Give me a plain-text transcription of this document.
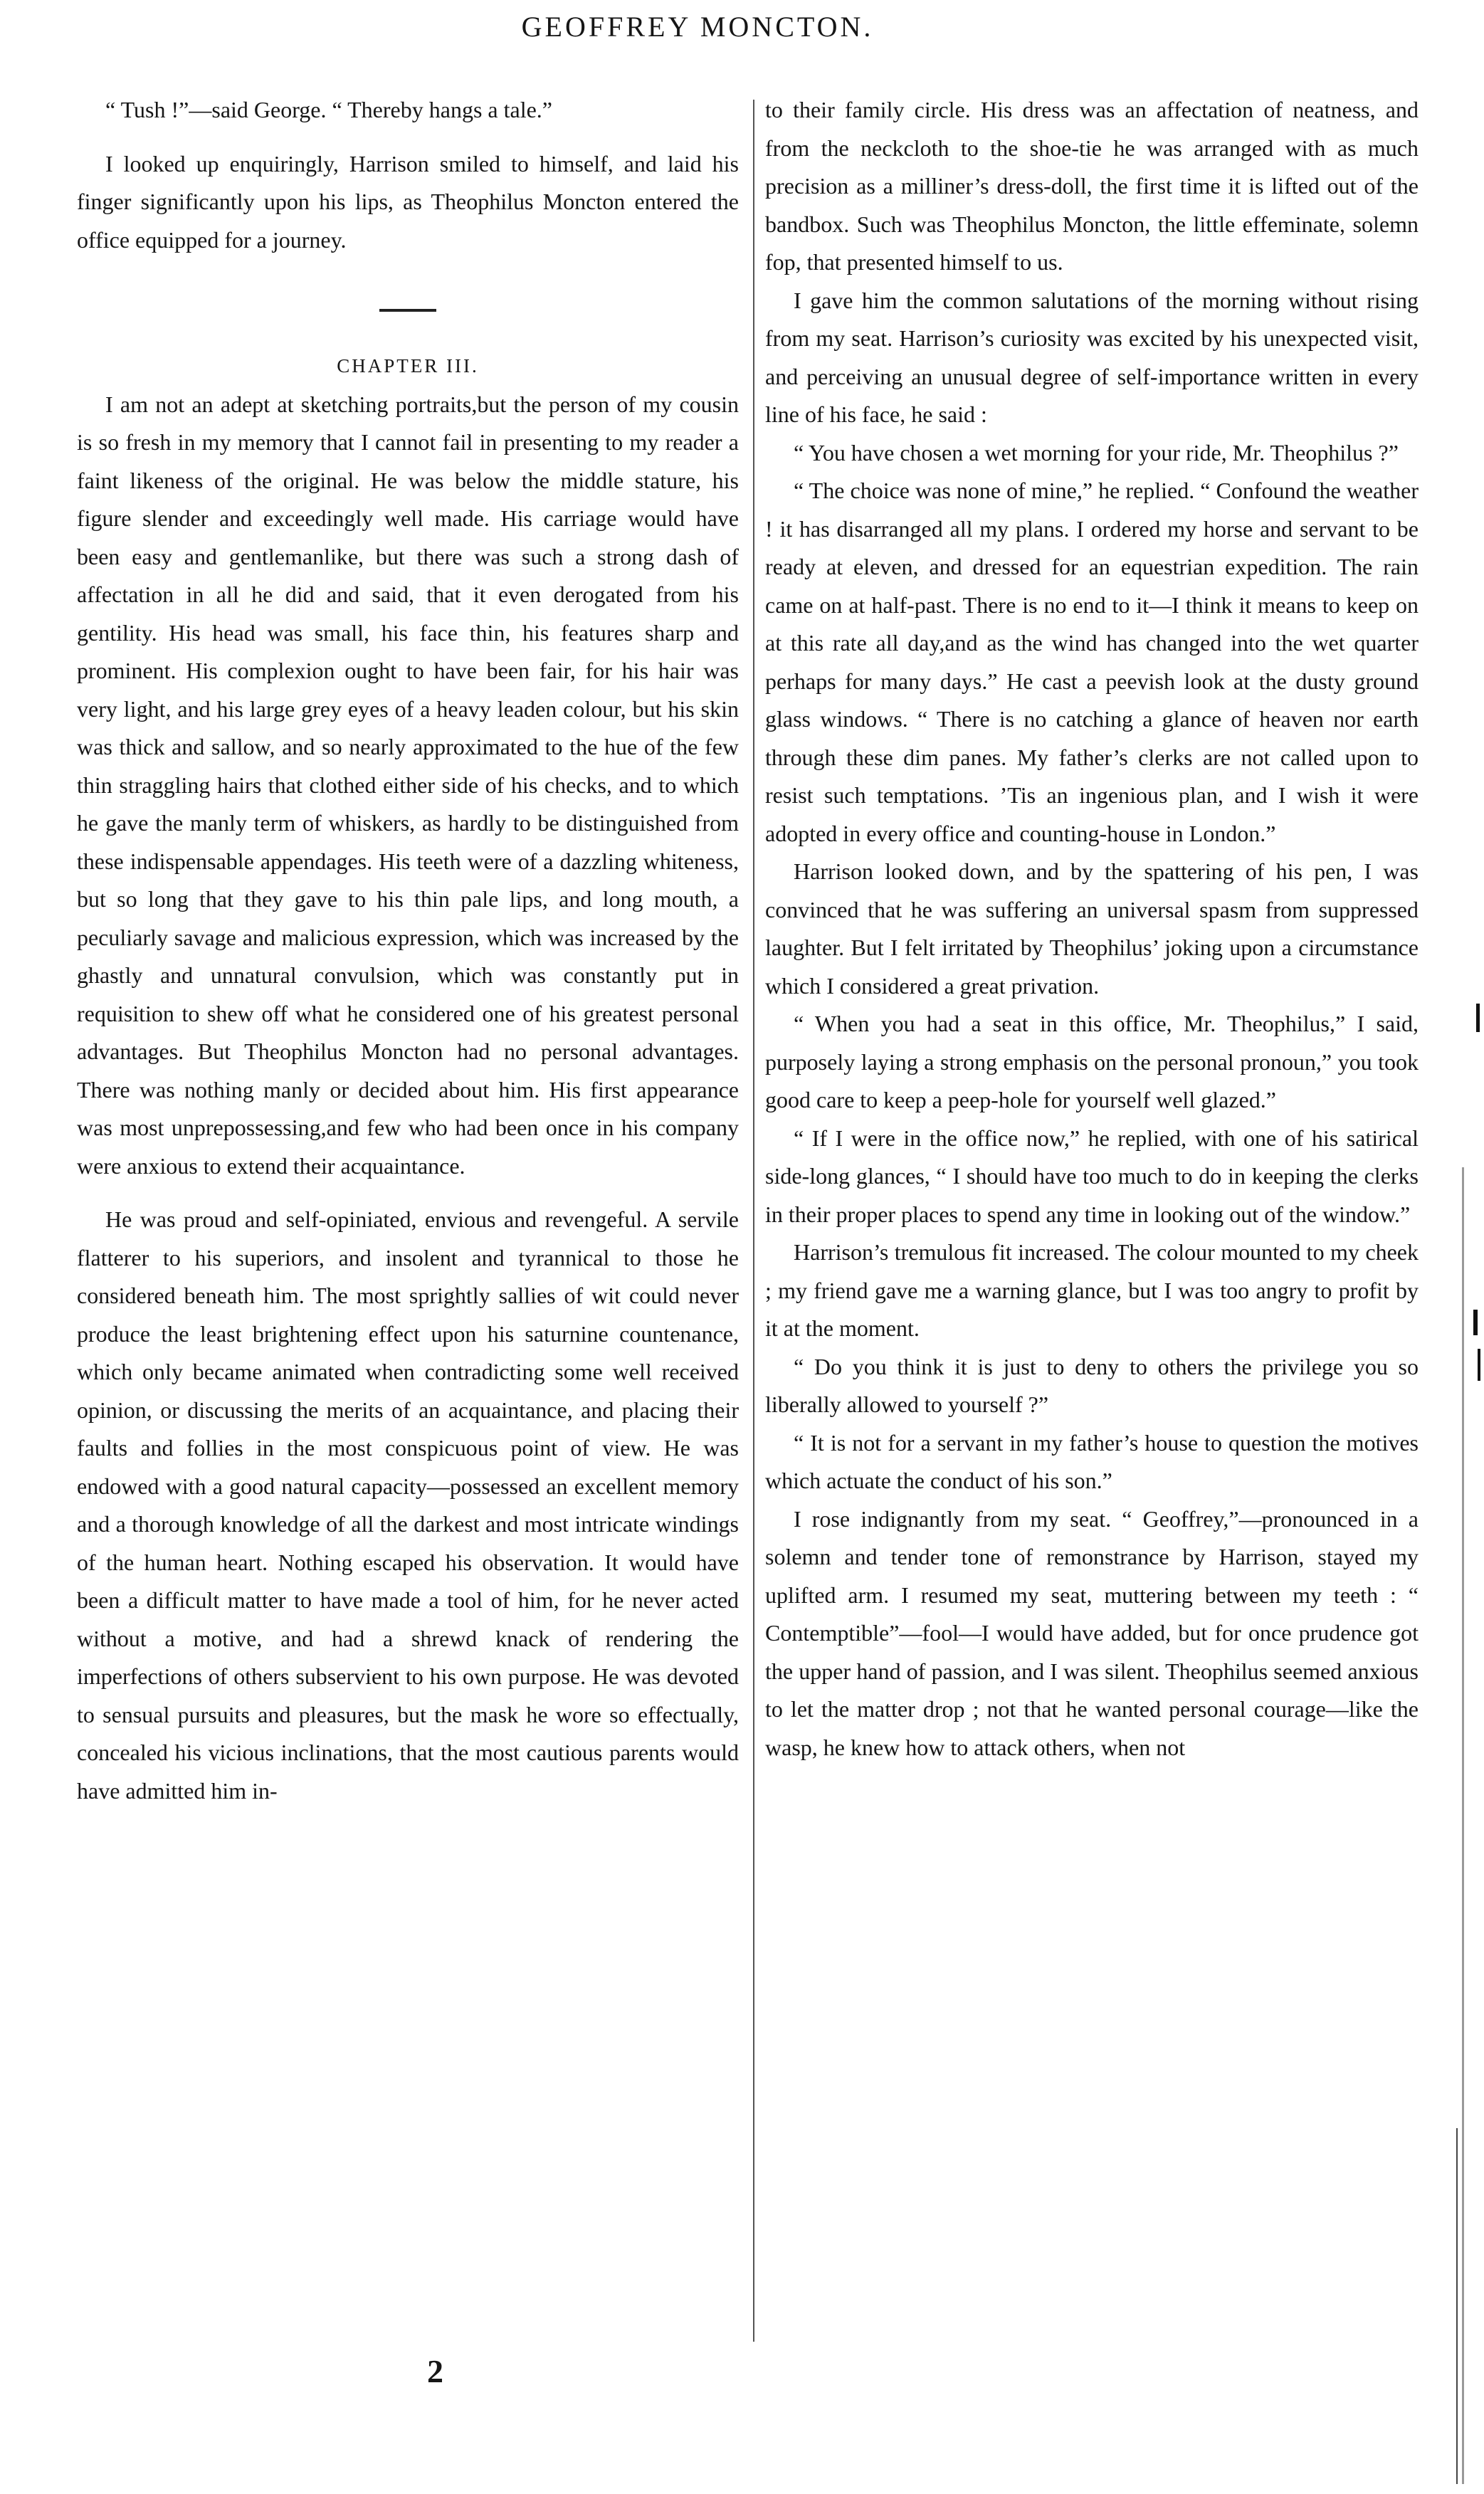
GEOFFREY MONCTON.

“ Tush !”—said George. “ Thereby hangs a tale.”

I looked up enquiringly, Harrison smiled to himself, and laid his finger significantly upon his lips, as Theophilus Moncton entered the office equipped for a journey.

CHAPTER III.

I am not an adept at sketching portraits,but the person of my cousin is so fresh in my memory that I cannot fail in presenting to my reader a faint likeness of the original. He was below the middle stature, his figure slender and exceedingly well made. His carriage would have been easy and gentlemanlike, but there was such a strong dash of affectation in all he did and said, that it even derogated from his gentility. His head was small, his face thin, his features sharp and prominent. His complexion ought to have been fair, for his hair was very light, and his large grey eyes of a heavy leaden colour, but his skin was thick and sallow, and so nearly approximated to the hue of the few thin straggling hairs that clothed either side of his checks, and to which he gave the manly term of whiskers, as hardly to be distinguished from these indispensable appendages. His teeth were of a dazzling whiteness, but so long that they gave to his thin pale lips, and long mouth, a peculiarly savage and malicious expression, which was increased by the ghastly and unnatural convulsion, which was constantly put in requisition to shew off what he considered one of his greatest personal advantages. But Theophilus Moncton had no personal advantages. There was nothing manly or decided about him. His first appearance was most unprepossessing,and few who had been once in his company were anxious to extend their acquaintance.

He was proud and self-opiniated, envious and revengeful. A servile flatterer to his superiors, and insolent and tyrannical to those he considered beneath him. The most sprightly sallies of wit could never produce the least brightening effect upon his saturnine countenance, which only became animated when contradicting some well received opinion, or discussing the merits of an acquaintance, and placing their faults and follies in the most conspicuous point of view. He was endowed with a good natural capacity—possessed an excellent memory and a thorough knowledge of all the darkest and most intricate windings of the human heart. Nothing escaped his observation. It would have been a difficult matter to have made a tool of him, for he never acted without a motive, and had a shrewd knack of rendering the imperfections of others subservient to his own purpose. He was devoted to sensual pursuits and pleasures, but the mask he wore so effectually, concealed his vicious inclinations, that the most cautious parents would have admitted him in-

to their family circle. His dress was an affectation of neatness, and from the neckcloth to the shoe-tie he was arranged with as much precision as a milliner’s dress-doll, the first time it is lifted out of the bandbox. Such was Theophilus Moncton, the little effeminate, solemn fop, that presented himself to us.

I gave him the common salutations of the morning without rising from my seat. Harrison’s curiosity was excited by his unexpected visit, and perceiving an unusual degree of self-importance written in every line of his face, he said :

“ You have chosen a wet morning for your ride, Mr. Theophilus ?”

“ The choice was none of mine,” he replied. “ Confound the weather ! it has disarranged all my plans. I ordered my horse and servant to be ready at eleven, and dressed for an equestrian expedition. The rain came on at half-past. There is no end to it—I think it means to keep on at this rate all day,and as the wind has changed into the wet quarter perhaps for many days.” He cast a peevish look at the dusty ground glass windows. “ There is no catching a glance of heaven nor earth through these dim panes. My father’s clerks are not called upon to resist such temptations. ’Tis an ingenious plan, and I wish it were adopted in every office and counting-house in London.”

Harrison looked down, and by the spattering of his pen, I was convinced that he was suffering an universal spasm from suppressed laughter. But I felt irritated by Theophilus’ joking upon a circumstance which I considered a great privation.

“ When you had a seat in this office, Mr. Theophilus,” I said, purposely laying a strong emphasis on the personal pronoun,” you took good care to keep a peep-hole for yourself well glazed.”

“ If I were in the office now,” he replied, with one of his satirical side-long glances, “ I should have too much to do in keeping the clerks in their proper places to spend any time in looking out of the window.”

Harrison’s tremulous fit increased. The colour mounted to my cheek ; my friend gave me a warning glance, but I was too angry to profit by it at the moment.

“ Do you think it is just to deny to others the privilege you so liberally allowed to yourself ?”

“ It is not for a servant in my father’s house to question the motives which actuate the conduct of his son.”

I rose indignantly from my seat. “ Geoffrey,”—pronounced in a solemn and tender tone of remonstrance by Harrison, stayed my uplifted arm. I resumed my seat, muttering between my teeth : “ Contemptible”—fool—I would have added, but for once prudence got the upper hand of passion, and I was silent. Theophilus seemed anxious to let the matter drop ; not that he wanted personal courage—like the wasp, he knew how to attack others, when not

2
